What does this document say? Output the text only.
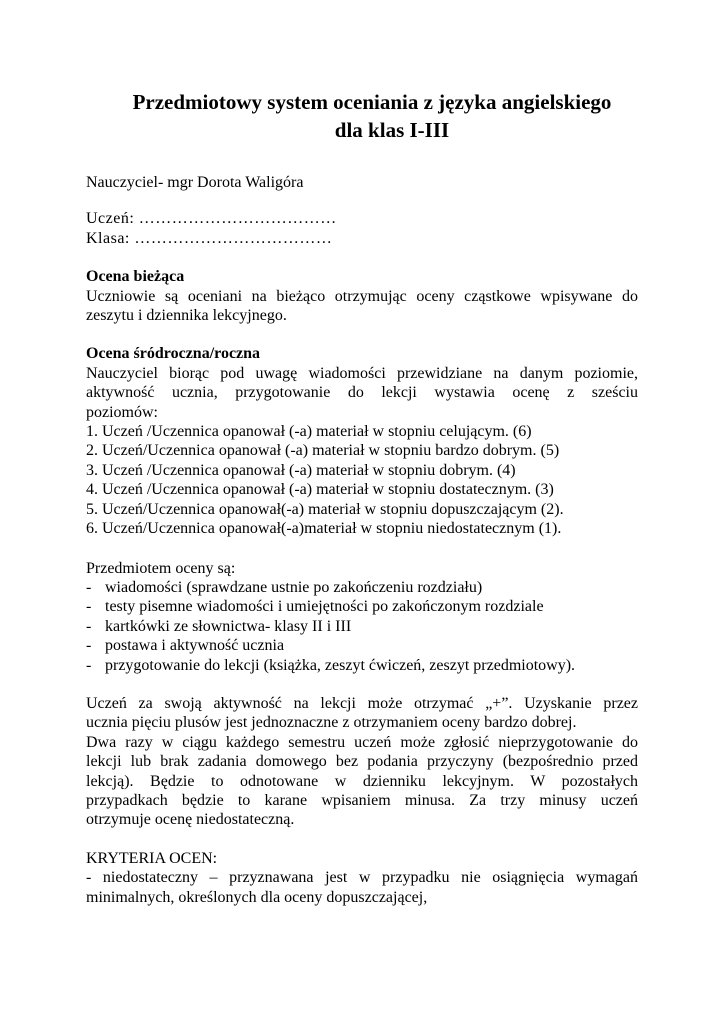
Przedmiotowy system oceniania z języka angielskiego
dla klas I-III

Nauczyciel- mgr Dorota Waligóra

Uczeń: ………………………………

Klasa: ………………………………

Ocena bieżąca

Uczniowie są oceniani na bieżąco otrzymując oceny cząstkowe wpisywane do

zeszytu i dziennika lekcyjnego.

Ocena śródroczna/roczna

Nauczyciel biorąc pod uwagę wiadomości przewidziane na danym poziomie,

aktywność ucznia, przygotowanie do lekcji wystawia ocenę z sześciu

poziomów:

1. Uczeń /Uczennica opanował (-a) materiał w stopniu celującym. (6)
2. Uczeń/Uczennica opanował (-a) materiał w stopniu bardzo dobrym. (5)
3. Uczeń /Uczennica opanował (-a) materiał w stopniu dobrym. (4)
4. Uczeń /Uczennica opanował (-a) materiał w stopniu dostatecznym. (3)
5. Uczeń/Uczennica opanował(-a) materiał w stopniu dopuszczającym (2).
6. Uczeń/Uczennica opanował(-a)materiał w stopniu niedostatecznym (1).

Przedmiotem oceny są:

- wiadomości (sprawdzane ustnie po zakończeniu rozdziału)
- testy pisemne wiadomości i umiejętności po zakończonym rozdziale
- kartkówki ze słownictwa- klasy II i III
- postawa i aktywność ucznia
- przygotowanie do lekcji (książka, zeszyt ćwiczeń, zeszyt przedmiotowy).

Uczeń za swoją aktywność na lekcji może otrzymać „+”. Uzyskanie przez

ucznia pięciu plusów jest jednoznaczne z otrzymaniem oceny bardzo dobrej.

Dwa razy w ciągu każdego semestru uczeń może zgłosić nieprzygotowanie do

lekcji lub brak zadania domowego bez podania przyczyny (bezpośrednio przed

lekcją). Będzie to odnotowane w dzienniku lekcyjnym. W pozostałych

przypadkach będzie to karane wpisaniem minusa. Za trzy minusy uczeń

otrzymuje ocenę niedostateczną.

KRYTERIA OCEN:

- niedostateczny – przyznawana jest w przypadku nie osiągnięcia wymagań

minimalnych, określonych dla oceny dopuszczającej,
